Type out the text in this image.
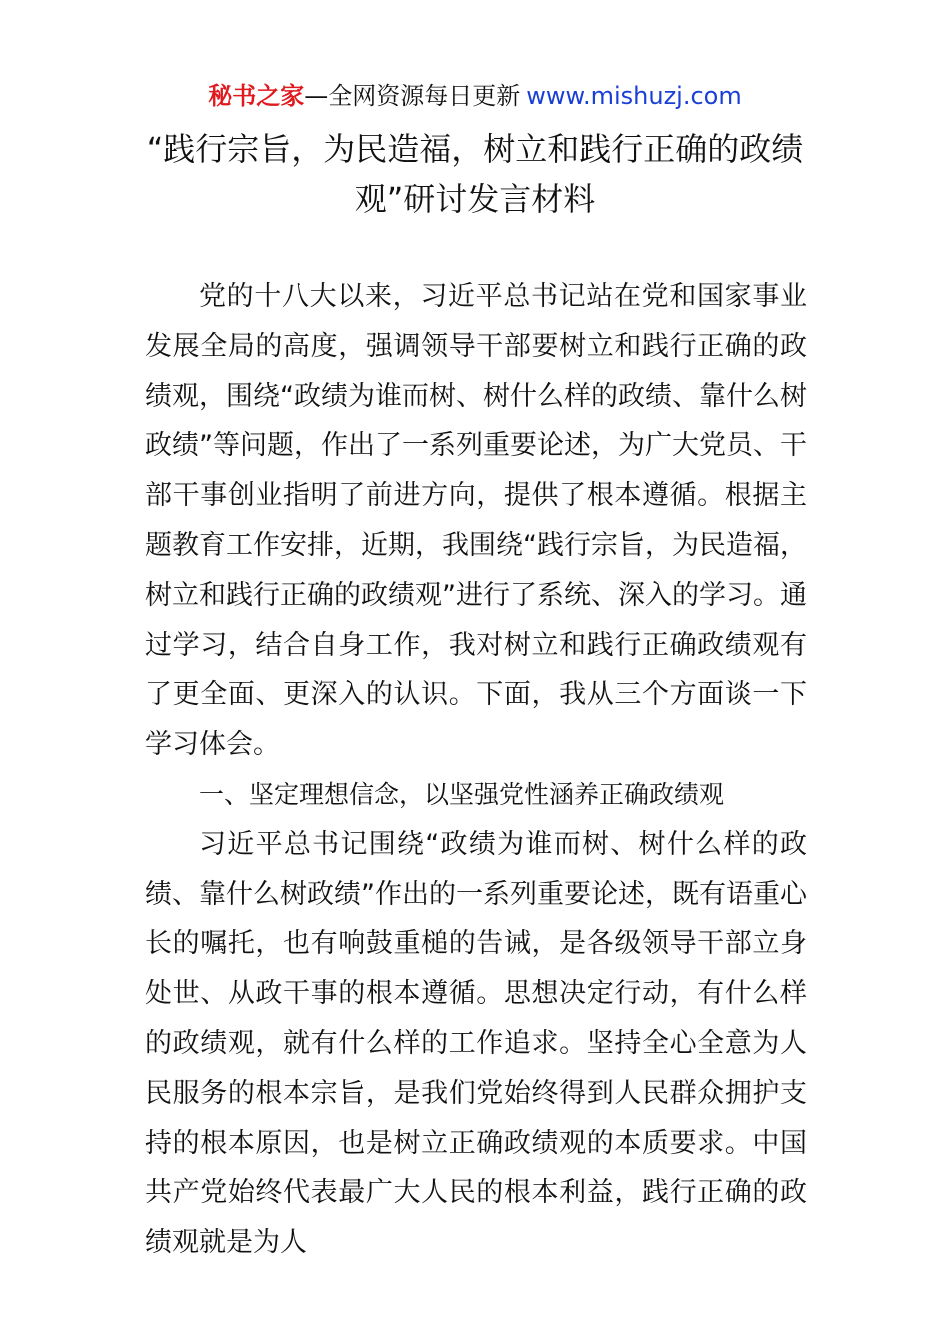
秘书之家—全网资源每日更新 www.mishuzj.com
“践行宗旨，为民造福，树立和践行正确的政绩观”研讨发言材料

党的十八大以来，习近平总书记站在党和国家事业发展全局的高度，强调领导干部要树立和践行正确的政绩观，围绕“政绩为谁而树、树什么样的政绩、靠什么树政绩”等问题，作出了一系列重要论述，为广大党员、干部干事创业指明了前进方向，提供了根本遵循。根据主题教育工作安排，近期，我围绕“践行宗旨，为民造福，树立和践行正确的政绩观”进行了系统、深入的学习。通过学习，结合自身工作，我对树立和践行正确政绩观有了更全面、更深入的认识。下面，我从三个方面谈一下学习体会。

一、坚定理想信念，以坚强党性涵养正确政绩观

习近平总书记围绕“政绩为谁而树、树什么样的政绩、靠什么树政绩”作出的一系列重要论述，既有语重心长的嘱托，也有响鼓重槌的告诫，是各级领导干部立身处世、从政干事的根本遵循。思想决定行动，有什么样的政绩观，就有什么样的工作追求。坚持全心全意为人民服务的根本宗旨，是我们党始终得到人民群众拥护支持的根本原因，也是树立正确政绩观的本质要求。中国共产党始终代表最广大人民的根本利益，践行正确的政绩观就是为人
